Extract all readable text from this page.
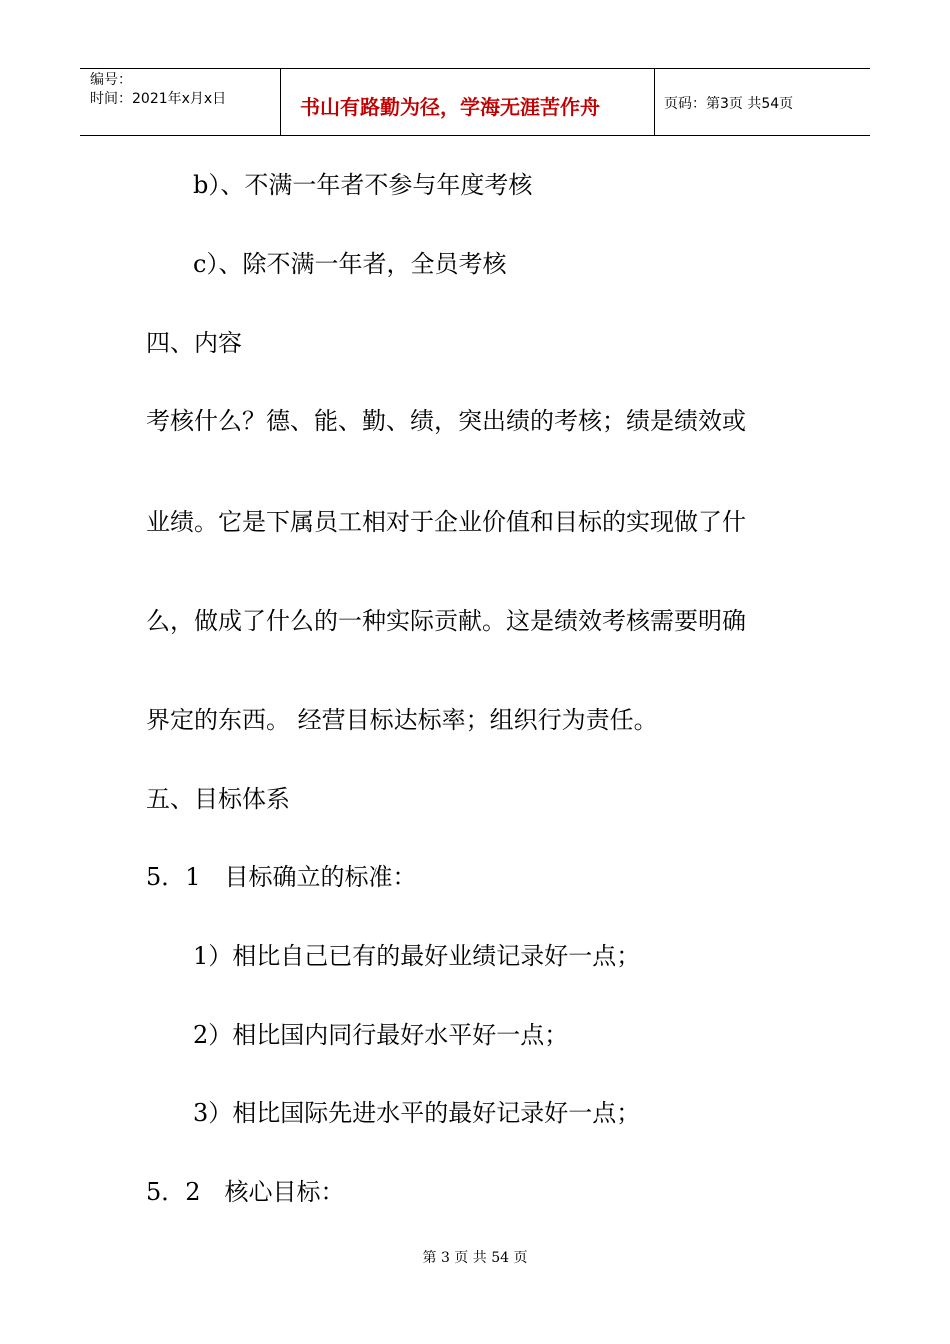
编号：
时间：2021年x月x日	书山有路勤为径，学海无涯苦作舟	页码：第3页 共54页
b）、不满一年者不参与年度考核
c）、除不满一年者，全员考核
四、内容
考核什么？德、能、勤、绩，突出绩的考核；绩是绩效或
业绩。它是下属员工相对于企业价值和目标的实现做了什
么，做成了什么的一种实际贡献。这是绩效考核需要明确
界定的东西。 经营目标达标率；组织行为责任。
五、目标体系
5．1　目标确立的标准：
1）相比自己已有的最好业绩记录好一点；
2）相比国内同行最好水平好一点；
3）相比国际先进水平的最好记录好一点；
5．2　核心目标：
第 3 页 共 54 页
